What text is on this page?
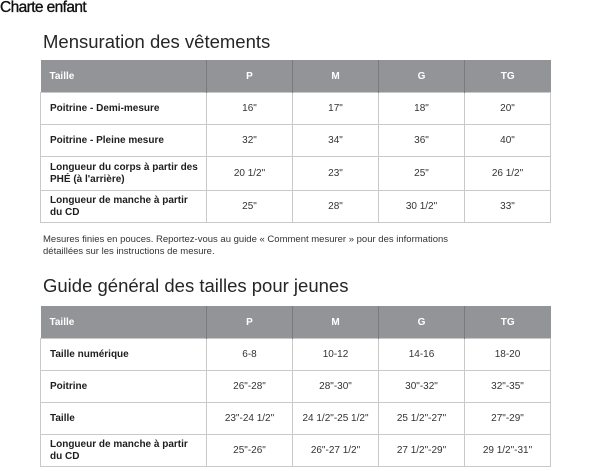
Charte enfant
Mensuration des vêtements
Taille	P	M	G	TG
Poitrine - Demi-mesure	16"	17"	18"	20"
Poitrine - Pleine mesure	32"	34"	36"	40"
Longueur du corps à partir des PHÉ (à l'arrière)	20 1/2"	23"	25"	26 1/2"
Longueur de manche à partir du CD	25"	28"	30 1/2"	33"
Mesures finies en pouces. Reportez-vous au guide « Comment mesurer » pour des informations détaillées sur les instructions de mesure.
Guide général des tailles pour jeunes
Taille	P	M	G	TG
Taille numérique	6-8	10-12	14-16	18-20
Poitrine	26"-28"	28"-30"	30"-32"	32"-35"
Taille	23"-24 1/2"	24 1/2"-25 1/2"	25 1/2"-27"	27"-29"
Longueur de manche à partir du CD	25"-26"	26"-27 1/2"	27 1/2"-29"	29 1/2"-31"
